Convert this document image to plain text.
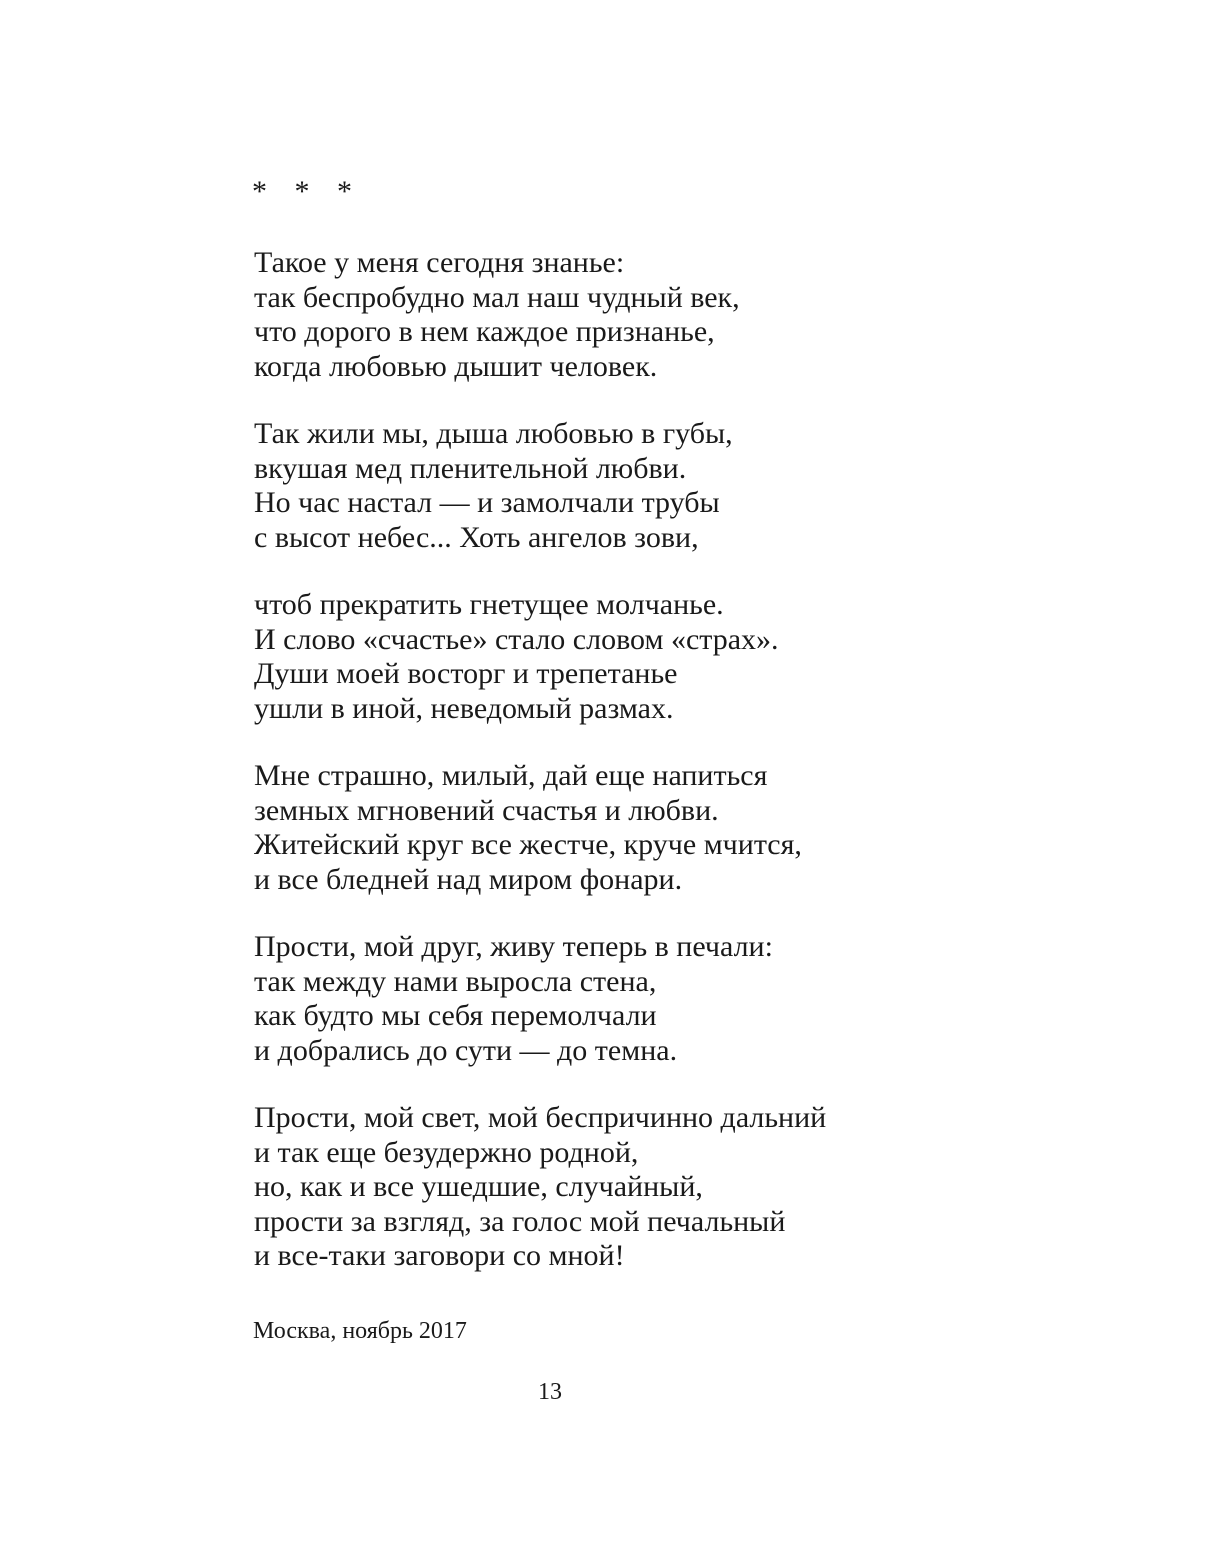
* * *
Такое у меня сегодня знанье:
так беспробудно мал наш чудный век,
что дорого в нем каждое признанье,
когда любовью дышит человек.
Так жили мы, дыша любовью в губы,
вкушая мед пленительной любви.
Но час настал — и замолчали трубы
с высот небес... Хоть ангелов зови,
чтоб прекратить гнетущее молчанье.
И слово «счастье» стало словом «страх».
Души моей восторг и трепетанье
ушли в иной, неведомый размах.
Мне страшно, милый, дай еще напиться
земных мгновений счастья и любви.
Житейский круг все жестче, круче мчится,
и все бледней над миром фонари.
Прости, мой друг, живу теперь в печали:
так между нами выросла стена,
как будто мы себя перемолчали
и добрались до сути — до темна.
Прости, мой свет, мой беспричинно дальний
и так еще безудержно родной,
но, как и все ушедшие, случайный,
прости за взгляд, за голос мой печальный
и все-таки заговори со мной!
Москва, ноябрь 2017
13
